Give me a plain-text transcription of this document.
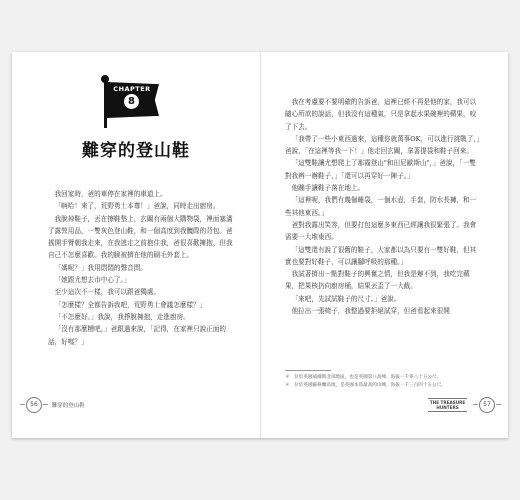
CHAPTER
8
難穿的登山鞋

我回家時，爸的車停在家裡的車道上。

「啊哈！來了，荒野勇士本尊！」爸說，同時走出廚房。

我脫掉鞋子，丟在擦鞋墊上，玄關有兩個大購物袋，裡面塞滿了露營用品，一雙灰色登山鞋，和一個高度到我髖際的背包。爸搖開手臂朝我走來，在我逃走之前抱住我，爸很喜歡擁抱，但我自己不怎麼喜歡。我的臉被擠在他的刷毛外套上。

「媽呢？」我用悶悶的聲音問。

「她跟尤想去市中心了。」

至少這次不一樣，我可以跟爸獨處。

「怎麼樣？全都告訴我吧，荒野勇士會議怎麼樣？」

「不怎麼好。」我說，我掙脫擁抱，走進廚房。

「沒有那麼糟吧，」爸跟過來說，「記得，在家裡只說正面的話，好嗎？」

56	難穿的登山鞋

我在考慮要不要明確的告訴爸，這裡已經不再是他的家，我可以隨心所欲的說話，但我沒有這種氣，只是拿起水果碗裡的蘋果，咬了下去。

「我帶了一些小東西過來，這種你就萬事OK，可以進行挑戰了，」爸說，「在這裡等我一下！」他走回玄關，拿著提袋和鞋子回來。

「這雙鞋讓尤想爬上了那霧登山"和田尼歐斯山"，」爸說，「一雙對我辨一辦鞋子，」「還可以再穿好一陣子。」

他蹦手讓鞋子落在地上。

「這裡呢，我們有幾個睡袋，一個水壺，手套，防水長褲，和一些其他東西。」

爸對我露出笑容，但要打包這麼多東西已經讓我很緊張了。我會需要一大堆東西。

「這雙還有說了很舊的鞋子，大家都以為只要有一雙好鞋，但其實也要對好鞋子，可以讓腳呼吸的那種。」

我試著擠出一點對鞋子的興奮之情，但我是辦不到，我吃完蘋果，把果核扔向廚房桶，結果丟歪了一大截。

「來吧，先試試鞋子的尺寸。」爸說。

他拉出一張椅子，我整過要拒絕試穿，但爸看起來很開

＊　位於英國威爾斯北部地區，也是英國第八高峰，海拔一千零八十五公尺。

＊　位於英國蘇格蘭高地，是英國本島最高的山峰，海拔一千三百四十五公尺。

THE TREASURE
HUNTERS	57
